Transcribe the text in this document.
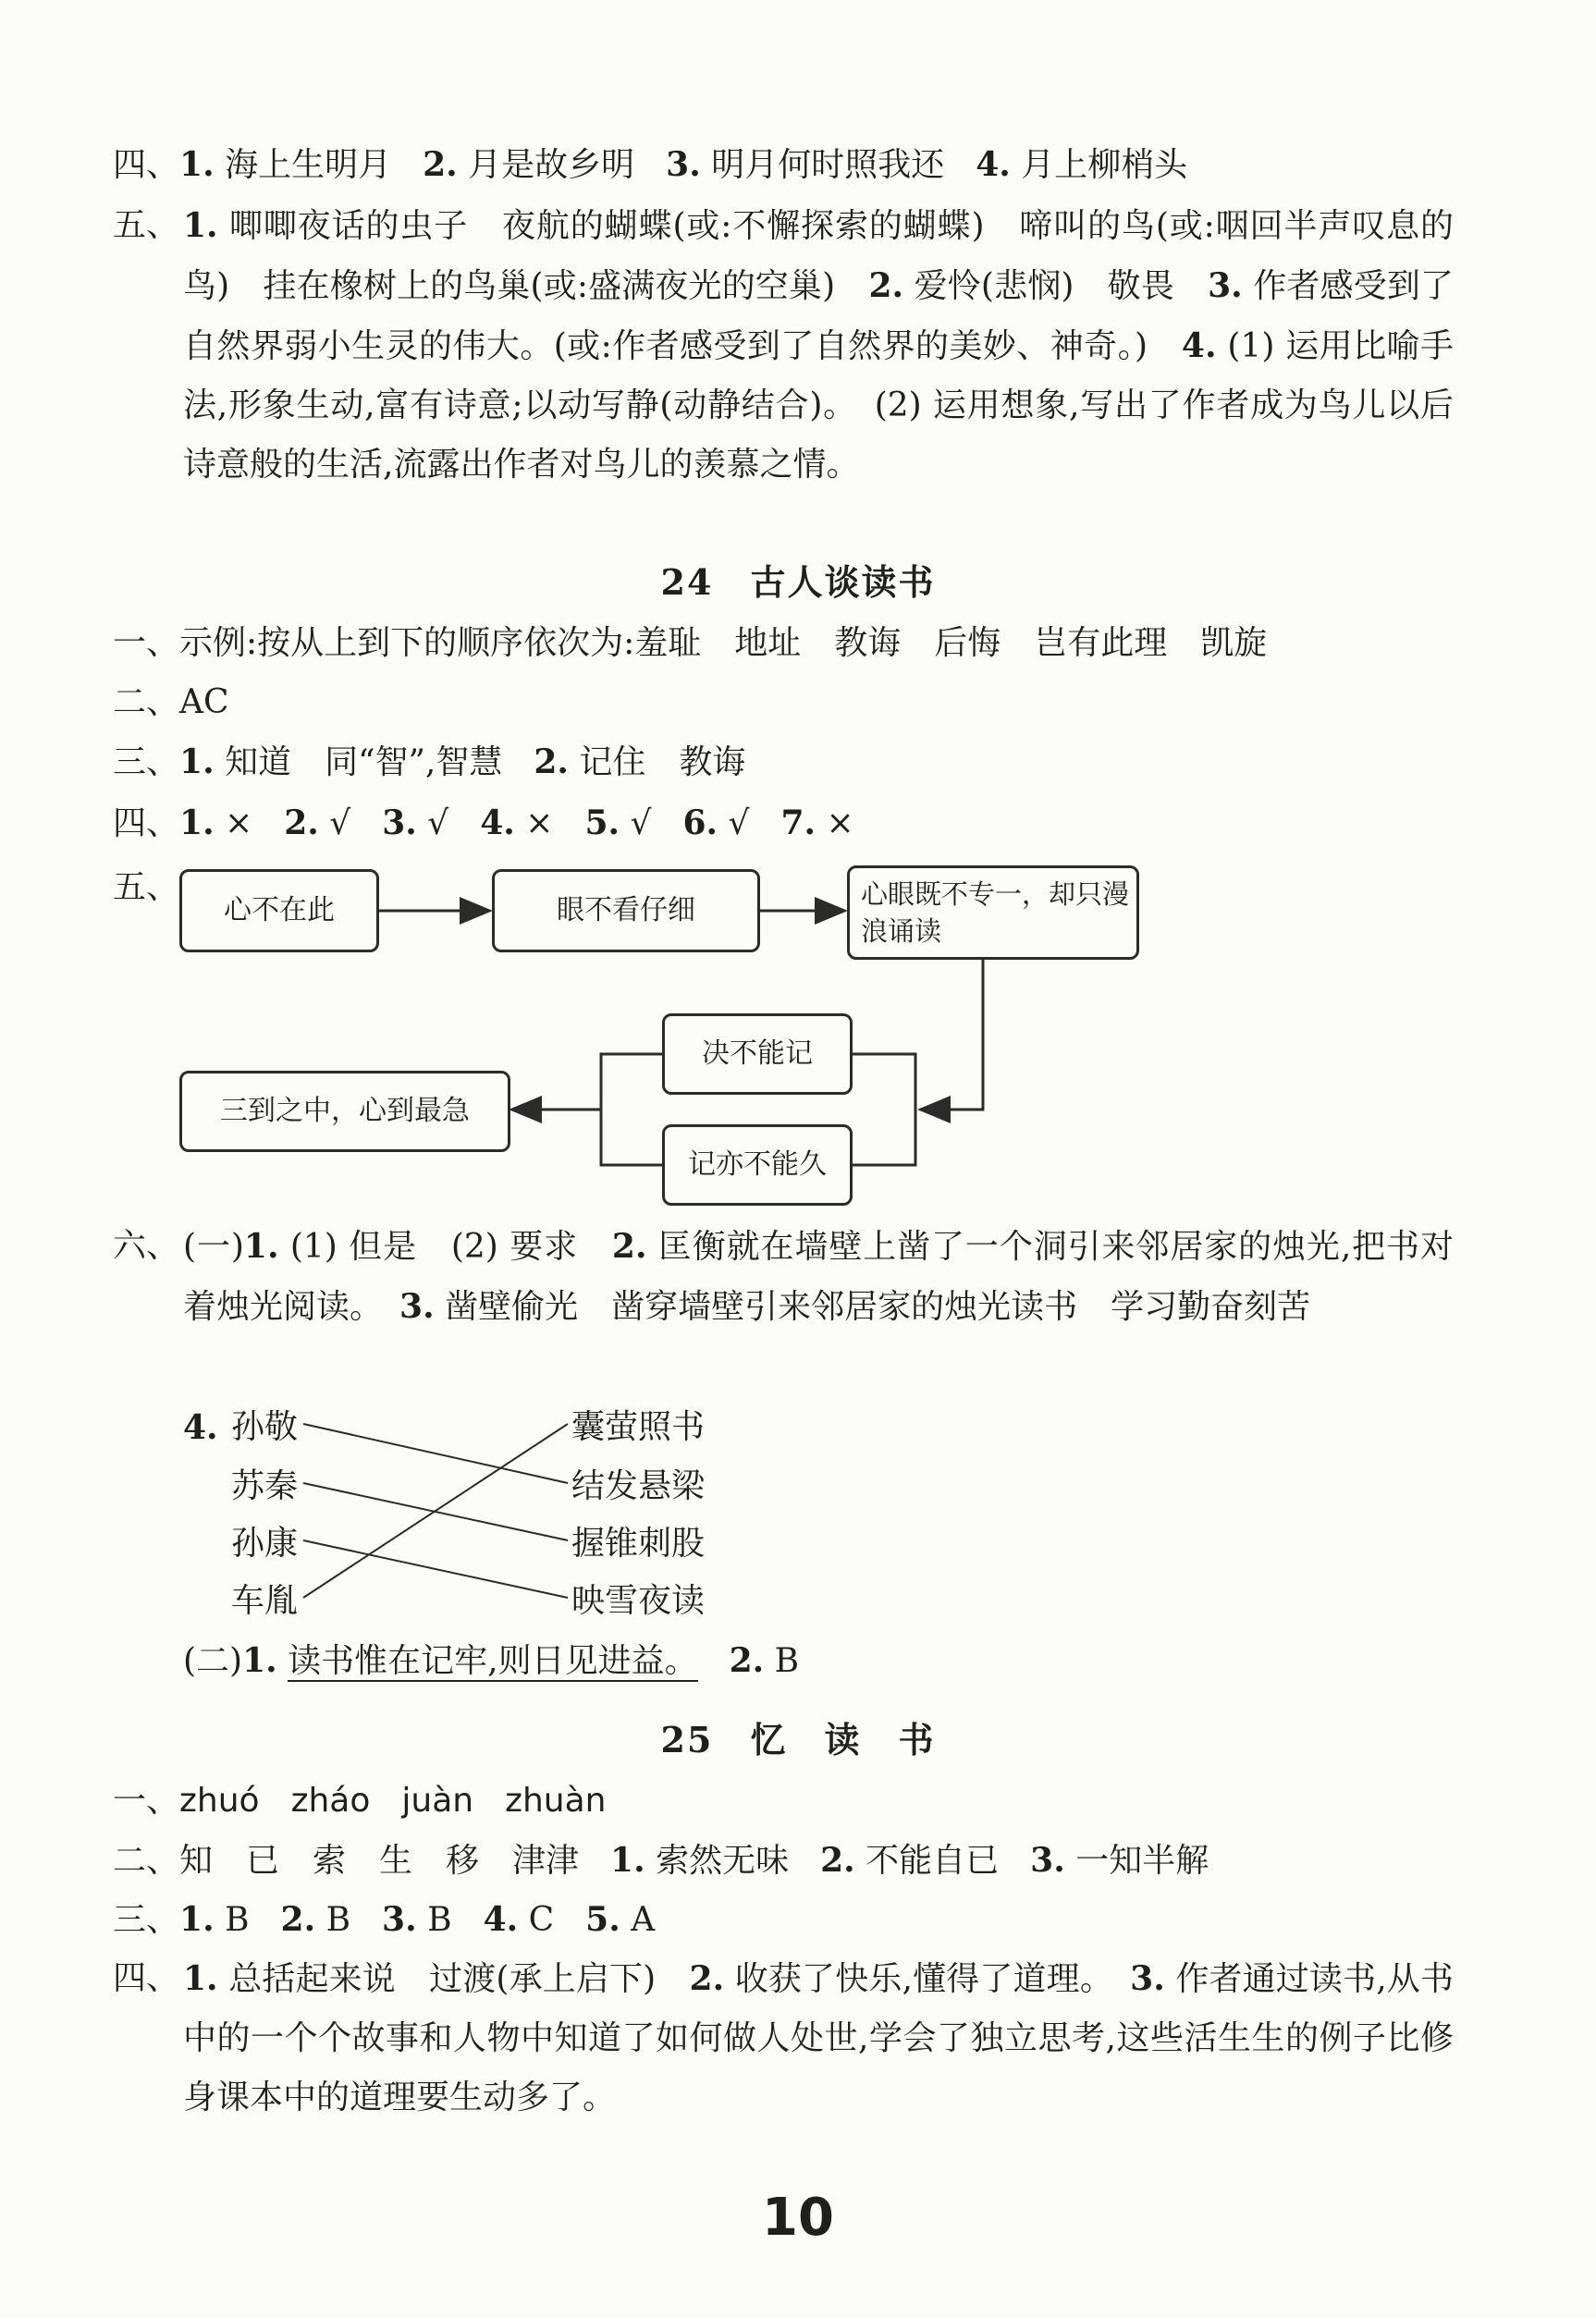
四、1. 海上生明月 2. 月是故乡明 3. 明月何时照我还 4. 月上柳梢头
五、 1. 唧唧夜话的虫子　夜航的蝴蝶(或:不懈探索的蝴蝶)　啼叫的鸟(或:咽回半声叹息的鸟)　挂在橡树上的鸟巢(或:盛满夜光的空巢)　 2. 爱怜(悲悯)　敬畏　 3. 作者感受到了自然界弱小生灵的伟大。(或:作者感受到了自然界的美妙、神奇。)　 4. (1) 运用比喻手法,形象生动,富有诗意;以动写静(动静结合)。　(2) 运用想象,写出了作者成为鸟儿以后诗意般的生活,流露出作者对鸟儿的羡慕之情。
24　 古人谈读书
一、示例:按从上到下的顺序依次为:羞耻　地址　教诲　后悔　岂有此理　凯旋
二、AC
三、1. 知道　同“智”,智慧 2. 记住　教诲
四、1. × 2. √ 3. √ 4. × 5. √ 6. √ 7. ×
五、
心不在此	眼不看仔细	心眼既不专一，却只漫浪诵读
决不能记
记亦不能久
三到之中，心到最急
六、 (一)1. (1) 但是　(2) 要求　 2. 匡衡就在墙壁上凿了一个洞引来邻居家的烛光,把书对着烛光阅读。　 3. 凿壁偷光　凿穿墙壁引来邻居家的烛光读书　学习勤奋刻苦
4. 孙敬
苏秦
孙康
车胤
囊萤照书
结发悬梁
握锥刺股
映雪夜读
(二)1. 读书惟在记牢,则日见进益。 2. B
25　 忆　读　书
一、zhuó zháo juàn zhuàn
二、知　已　索　生　移　津津 1. 索然无味 2. 不能自已 3. 一知半解
三、1. B 2. B 3. B 4. C 5. A
四、 1. 总括起来说　过渡(承上启下)　 2. 收获了快乐,懂得了道理。　 3. 作者通过读书,从书中的一个个故事和人物中知道了如何做人处世,学会了独立思考,这些活生生的例子比修身课本中的道理要生动多了。
10
